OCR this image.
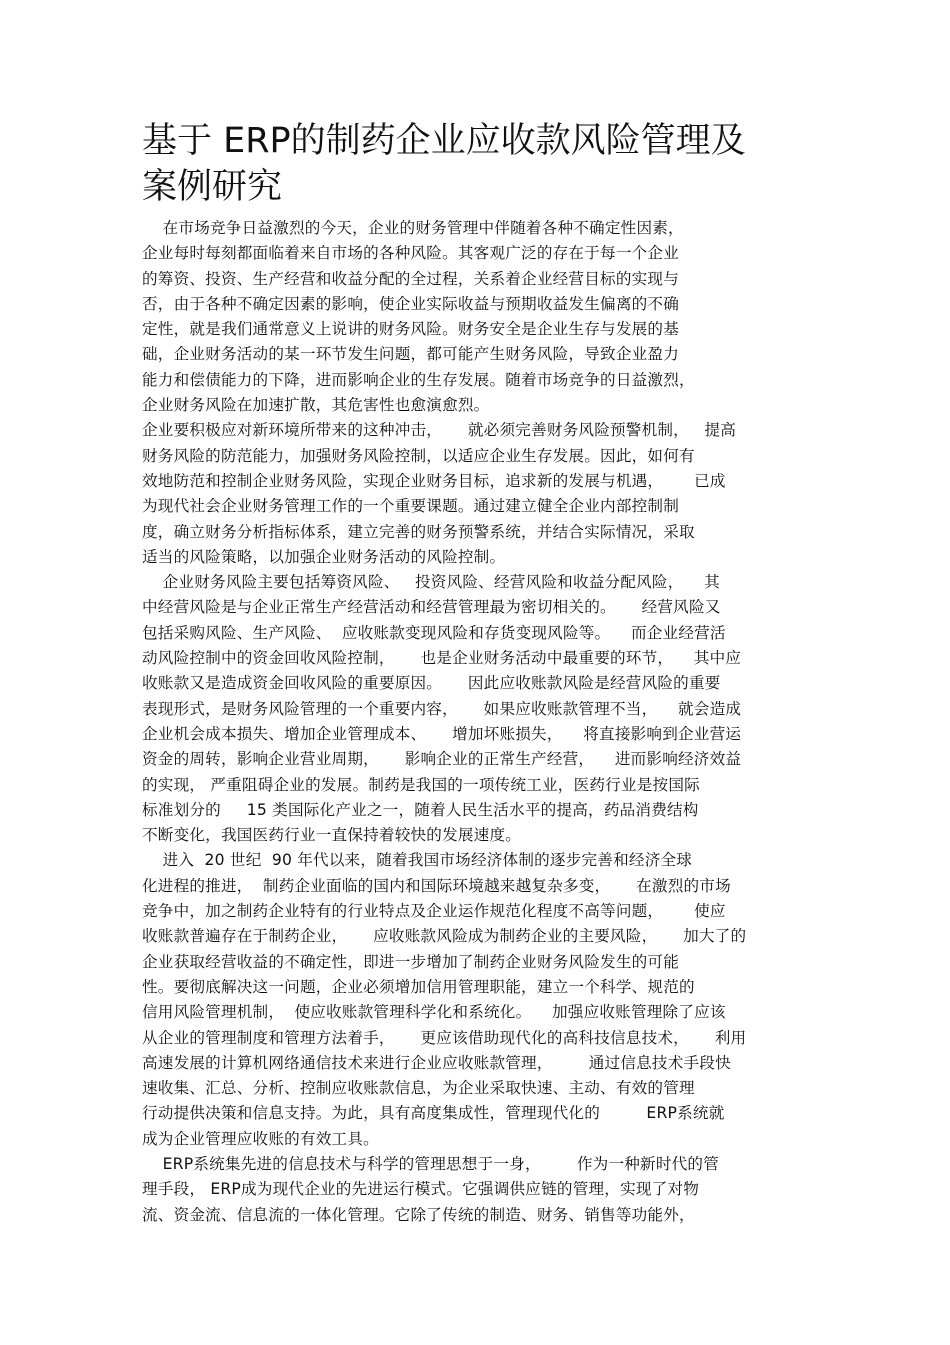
基于 ERP的制药企业应收款风险管理及
案例研究
在市场竞争日益激烈的今天，企业的财务管理中伴随着各种不确定性因素，
企业每时每刻都面临着来自市场的各种风险。其客观广泛的存在于每一个企业
的筹资、投资、生产经营和收益分配的全过程，关系着企业经营目标的实现与
否，由于各种不确定因素的影响，使企业实际收益与预期收益发生偏离的不确
定性，就是我们通常意义上说讲的财务风险。财务安全是企业生存与发展的基
础，企业财务活动的某一环节发生问题，都可能产生财务风险，导致企业盈力
能力和偿债能力的下降，进而影响企业的生存发展。随着市场竞争的日益激烈，
企业财务风险在加速扩散，其危害性也愈演愈烈。
企业要积极应对新环境所带来的这种冲击，     就必须完善财务风险预警机制，   提高
财务风险的防范能力，加强财务风险控制，以适应企业生存发展。因此，如何有
效地防范和控制企业财务风险，实现企业财务目标，追求新的发展与机遇，      已成
为现代社会企业财务管理工作的一个重要课题。通过建立健全企业内部控制制
度，确立财务分析指标体系，建立完善的财务预警系统，并结合实际情况，采取
适当的风险策略，以加强企业财务活动的风险控制。
企业财务风险主要包括筹资风险、   投资风险、经营风险和收益分配风险，    其
中经营风险是与企业正常生产经营活动和经营管理最为密切相关的。     经营风险又
包括采购风险、生产风险、  应收账款变现风险和存货变现风险等。    而企业经营活
动风险控制中的资金回收风险控制，     也是企业财务活动中最重要的环节，    其中应
收账款又是造成资金回收风险的重要原因。     因此应收账款风险是经营风险的重要
表现形式，是财务风险管理的一个重要内容，     如果应收账款管理不当，    就会造成
企业机会成本损失、增加企业管理成本、     增加坏账损失，    将直接影响到企业营运
资金的周转，影响企业营业周期，     影响企业的正常生产经营，    进而影响经济效益
的实现， 严重阻碍企业的发展。制药是我国的一项传统工业，医药行业是按国际
标准划分的     15 类国际化产业之一，随着人民生活水平的提高，药品消费结构
不断变化，我国医药行业一直保持着较快的发展速度。
进入  20 世纪  90 年代以来，随着我国市场经济体制的逐步完善和经济全球
化进程的推进，  制药企业面临的国内和国际环境越来越复杂多变，     在激烈的市场
竞争中，加之制药企业特有的行业特点及企业运作规范化程度不高等问题，      使应
收账款普遍存在于制药企业，     应收账款风险成为制药企业的主要风险，     加大了的
企业获取经营收益的不确定性，即进一步增加了制药企业财务风险发生的可能
性。要彻底解决这一问题，企业必须增加信用管理职能，建立一个科学、规范的
信用风险管理机制，  使应收账款管理科学化和系统化。    加强应收账管理除了应该
从企业的管理制度和管理方法着手，     更应该借助现代化的高科技信息技术，     利用
高速发展的计算机网络通信技术来进行企业应收账款管理，       通过信息技术手段快
速收集、汇总、分析、控制应收账款信息，为企业采取快速、主动、有效的管理
行动提供决策和信息支持。为此，具有高度集成性，管理现代化的         ERP系统就
成为企业管理应收账的有效工具。
ERP系统集先进的信息技术与科学的管理思想于一身，       作为一种新时代的管
理手段， ERP成为现代企业的先进运行模式。它强调供应链的管理，实现了对物
流、资金流、信息流的一体化管理。它除了传统的制造、财务、销售等功能外，
